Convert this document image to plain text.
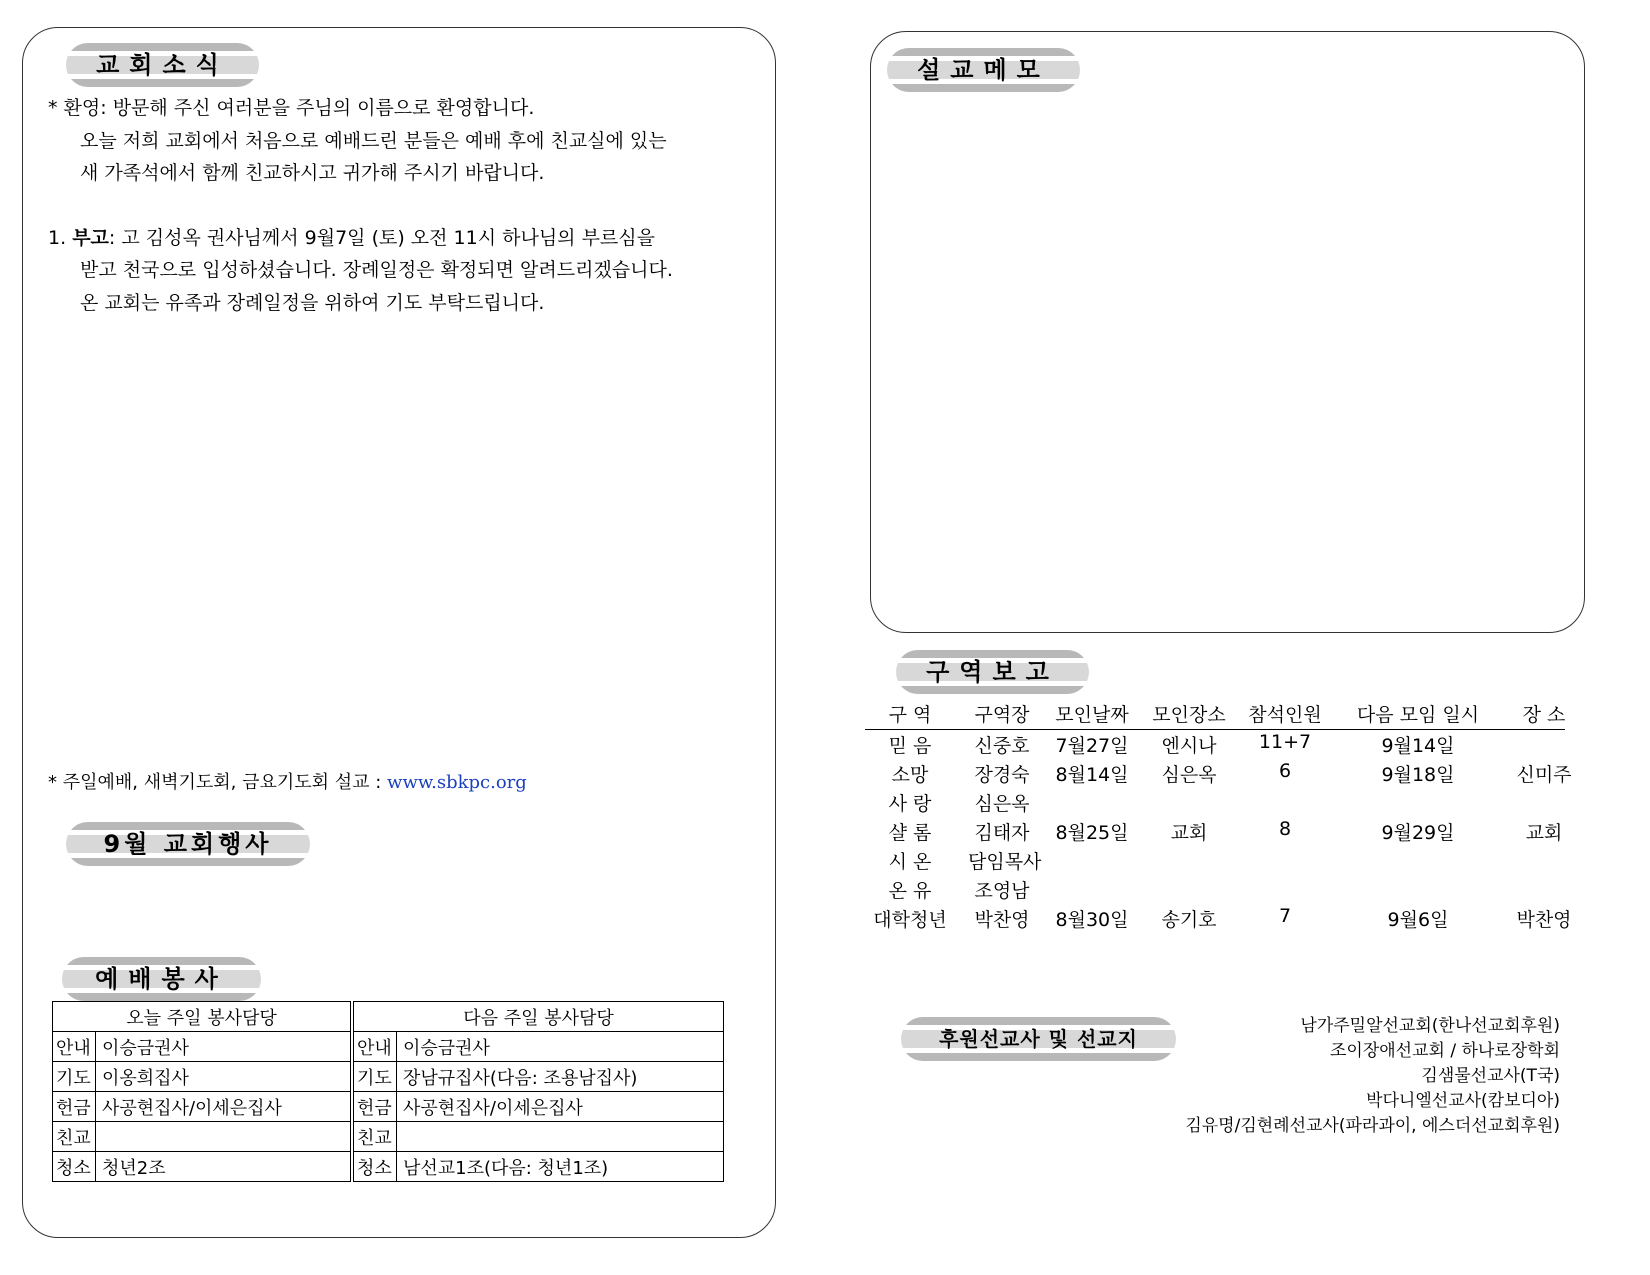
교회소식
* 환영: 방문해 주신 여러분을 주님의 이름으로 환영합니다.
오늘 저희 교회에서 처음으로 예배드린 분들은 예배 후에 친교실에 있는
새 가족석에서 함께 친교하시고 귀가해 주시기 바랍니다.
1. 부고: 고 김성옥 권사님께서 9월7일 (토) 오전 11시 하나님의 부르심을
받고 천국으로 입성하셨습니다. 장례일정은 확정되면 알려드리겠습니다.
온 교회는 유족과 장례일정을 위하여 기도 부탁드립니다.
* 주일예배, 새벽기도회, 금요기도회 설교 : www.sbkpc.org
9월 교회행사
예배봉사
오늘 주일 봉사담당			다음 주일 봉사담당	
안내	이승금권사		안내	이승금권사
기도	이옹희집사		기도	장남규집사(다음: 조용남집사)
헌금	사공현집사/이세은집사		헌금	사공현집사/이세은집사
친교			친교	
청소	청년2조		청소	남선교1조(다음: 청년1조)
설교메모
구역보고
구 역	구역장	모인날짜	모인장소	참석인원	다음 모임 일시	장 소
믿 음	신중호	7월27일	엔시나	11+7	9월14일
소망	장경숙	8월14일	심은옥	6	9월18일	신미주
사 랑	심은옥
샬 롬	김태자	8월25일	교회	8	9월29일	교회
시 온	담임목사
온 유	조영남
대학청년	박찬영	8월30일	송기호	7	9월6일	박찬영
후원선교사 및 선교지
남가주밀알선교회(한나선교회후원)
조이장애선교회 / 하나로장학회
김샘물선교사(T국)
박다니엘선교사(캄보디아)
김유명/김현례선교사(파라과이, 에스더선교회후원)
